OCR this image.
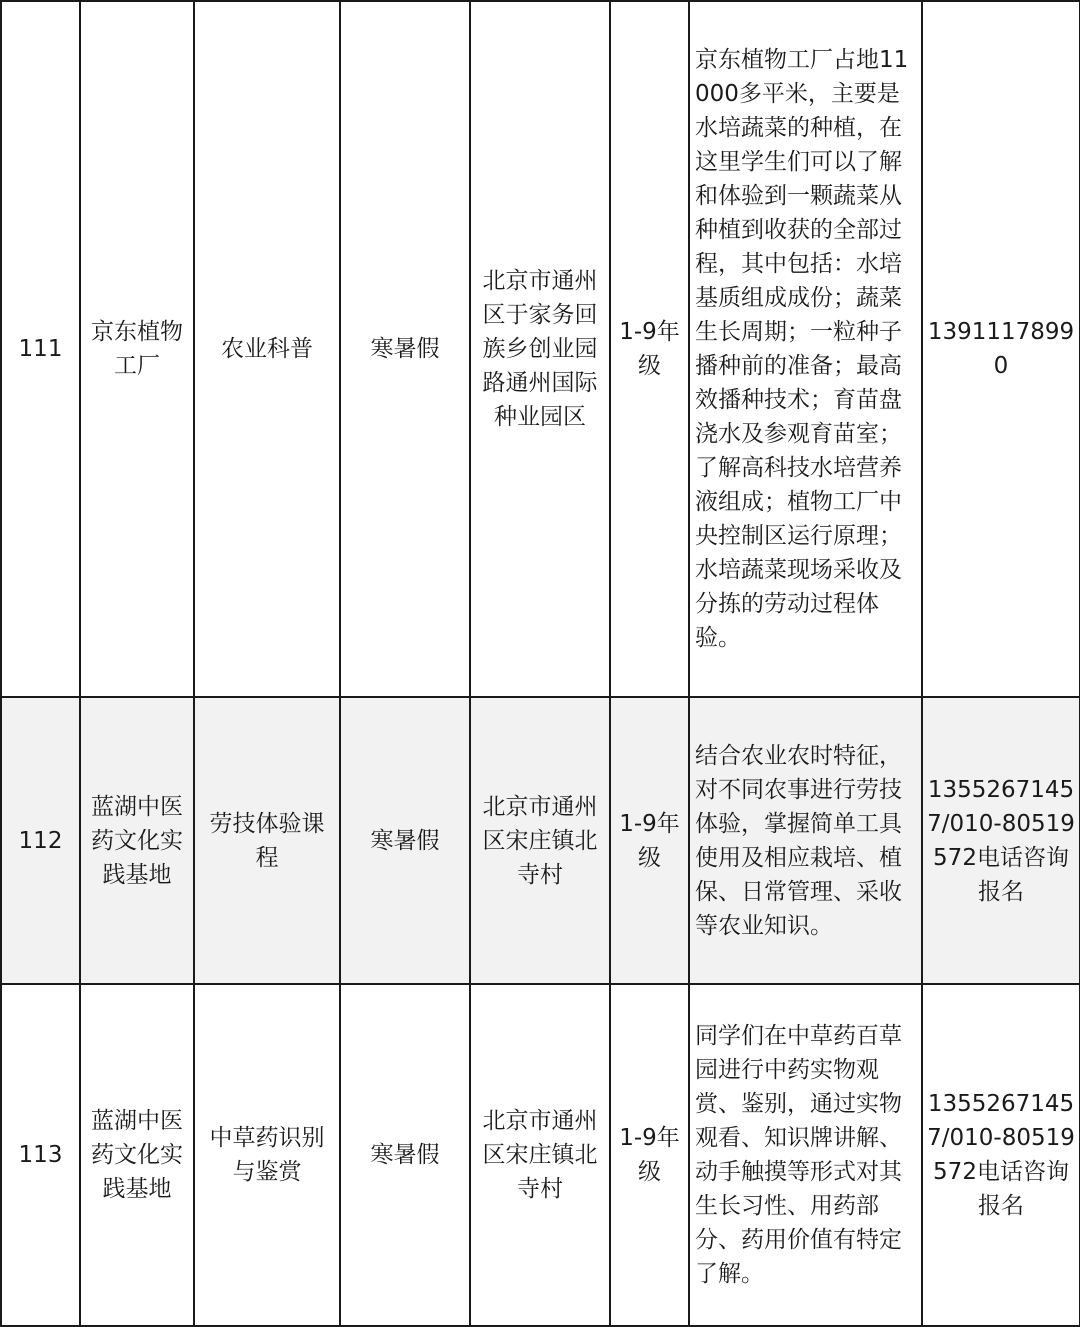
111	京东植物工厂	农业科普	寒暑假	北京市通州区于家务回族乡创业园路通州国际种业园区	1-9年级	京东植物工厂占地11000多平米，主要是水培蔬菜的种植，在这里学生们可以了解和体验到一颗蔬菜从种植到收获的全部过程，其中包括：水培基质组成成份；蔬菜生长周期；一粒种子播种前的准备；最高效播种技术；育苗盘浇水及参观育苗室；了解高科技水培营养液组成；植物工厂中央控制区运行原理；水培蔬菜现场采收及分拣的劳动过程体验。	13911178990
112	蓝湖中医药文化实践基地	劳技体验课程	寒暑假	北京市通州区宋庄镇北寺村	1-9年级	结合农业农时特征，对不同农事进行劳技体验，掌握简单工具使用及相应栽培、植保、日常管理、采收等农业知识。	13552671457/010-80519572电话咨询报名
113	蓝湖中医药文化实践基地	中草药识别与鉴赏	寒暑假	北京市通州区宋庄镇北寺村	1-9年级	同学们在中草药百草园进行中药实物观赏、鉴别，通过实物观看、知识牌讲解、动手触摸等形式对其生长习性、用药部分、药用价值有特定了解。	13552671457/010-80519572电话咨询报名
